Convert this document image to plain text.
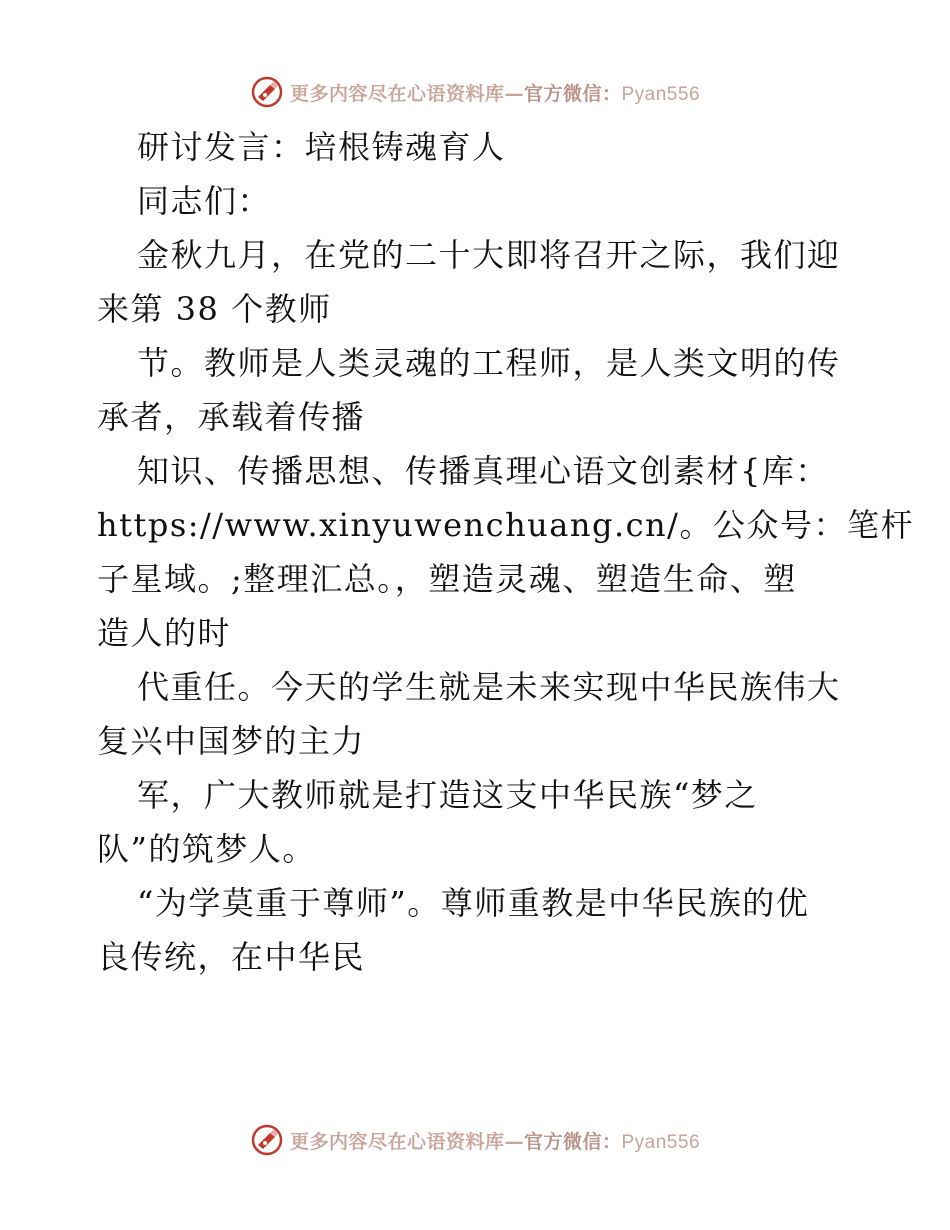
更多内容尽在心语资料库—官方微信：Pyan556
研讨发言：培根铸魂育人
同志们：
金秋九月，在党的二十大即将召开之际，我们迎
来第 38 个教师
节。教师是人类灵魂的工程师，是人类文明的传
承者，承载着传播
知识、传播思想、传播真理心语文创素材{库：
https://www.xinyuwenchuang.cn/。公众号：笔杆
子星域。;整理汇总。，塑造灵魂、塑造生命、塑
造人的时
代重任。今天的学生就是未来实现中华民族伟大
复兴中国梦的主力
军，广大教师就是打造这支中华民族“梦之
队”的筑梦人。
“为学莫重于尊师”。尊师重教是中华民族的优
良传统，在中华民
更多内容尽在心语资料库—官方微信：Pyan556
